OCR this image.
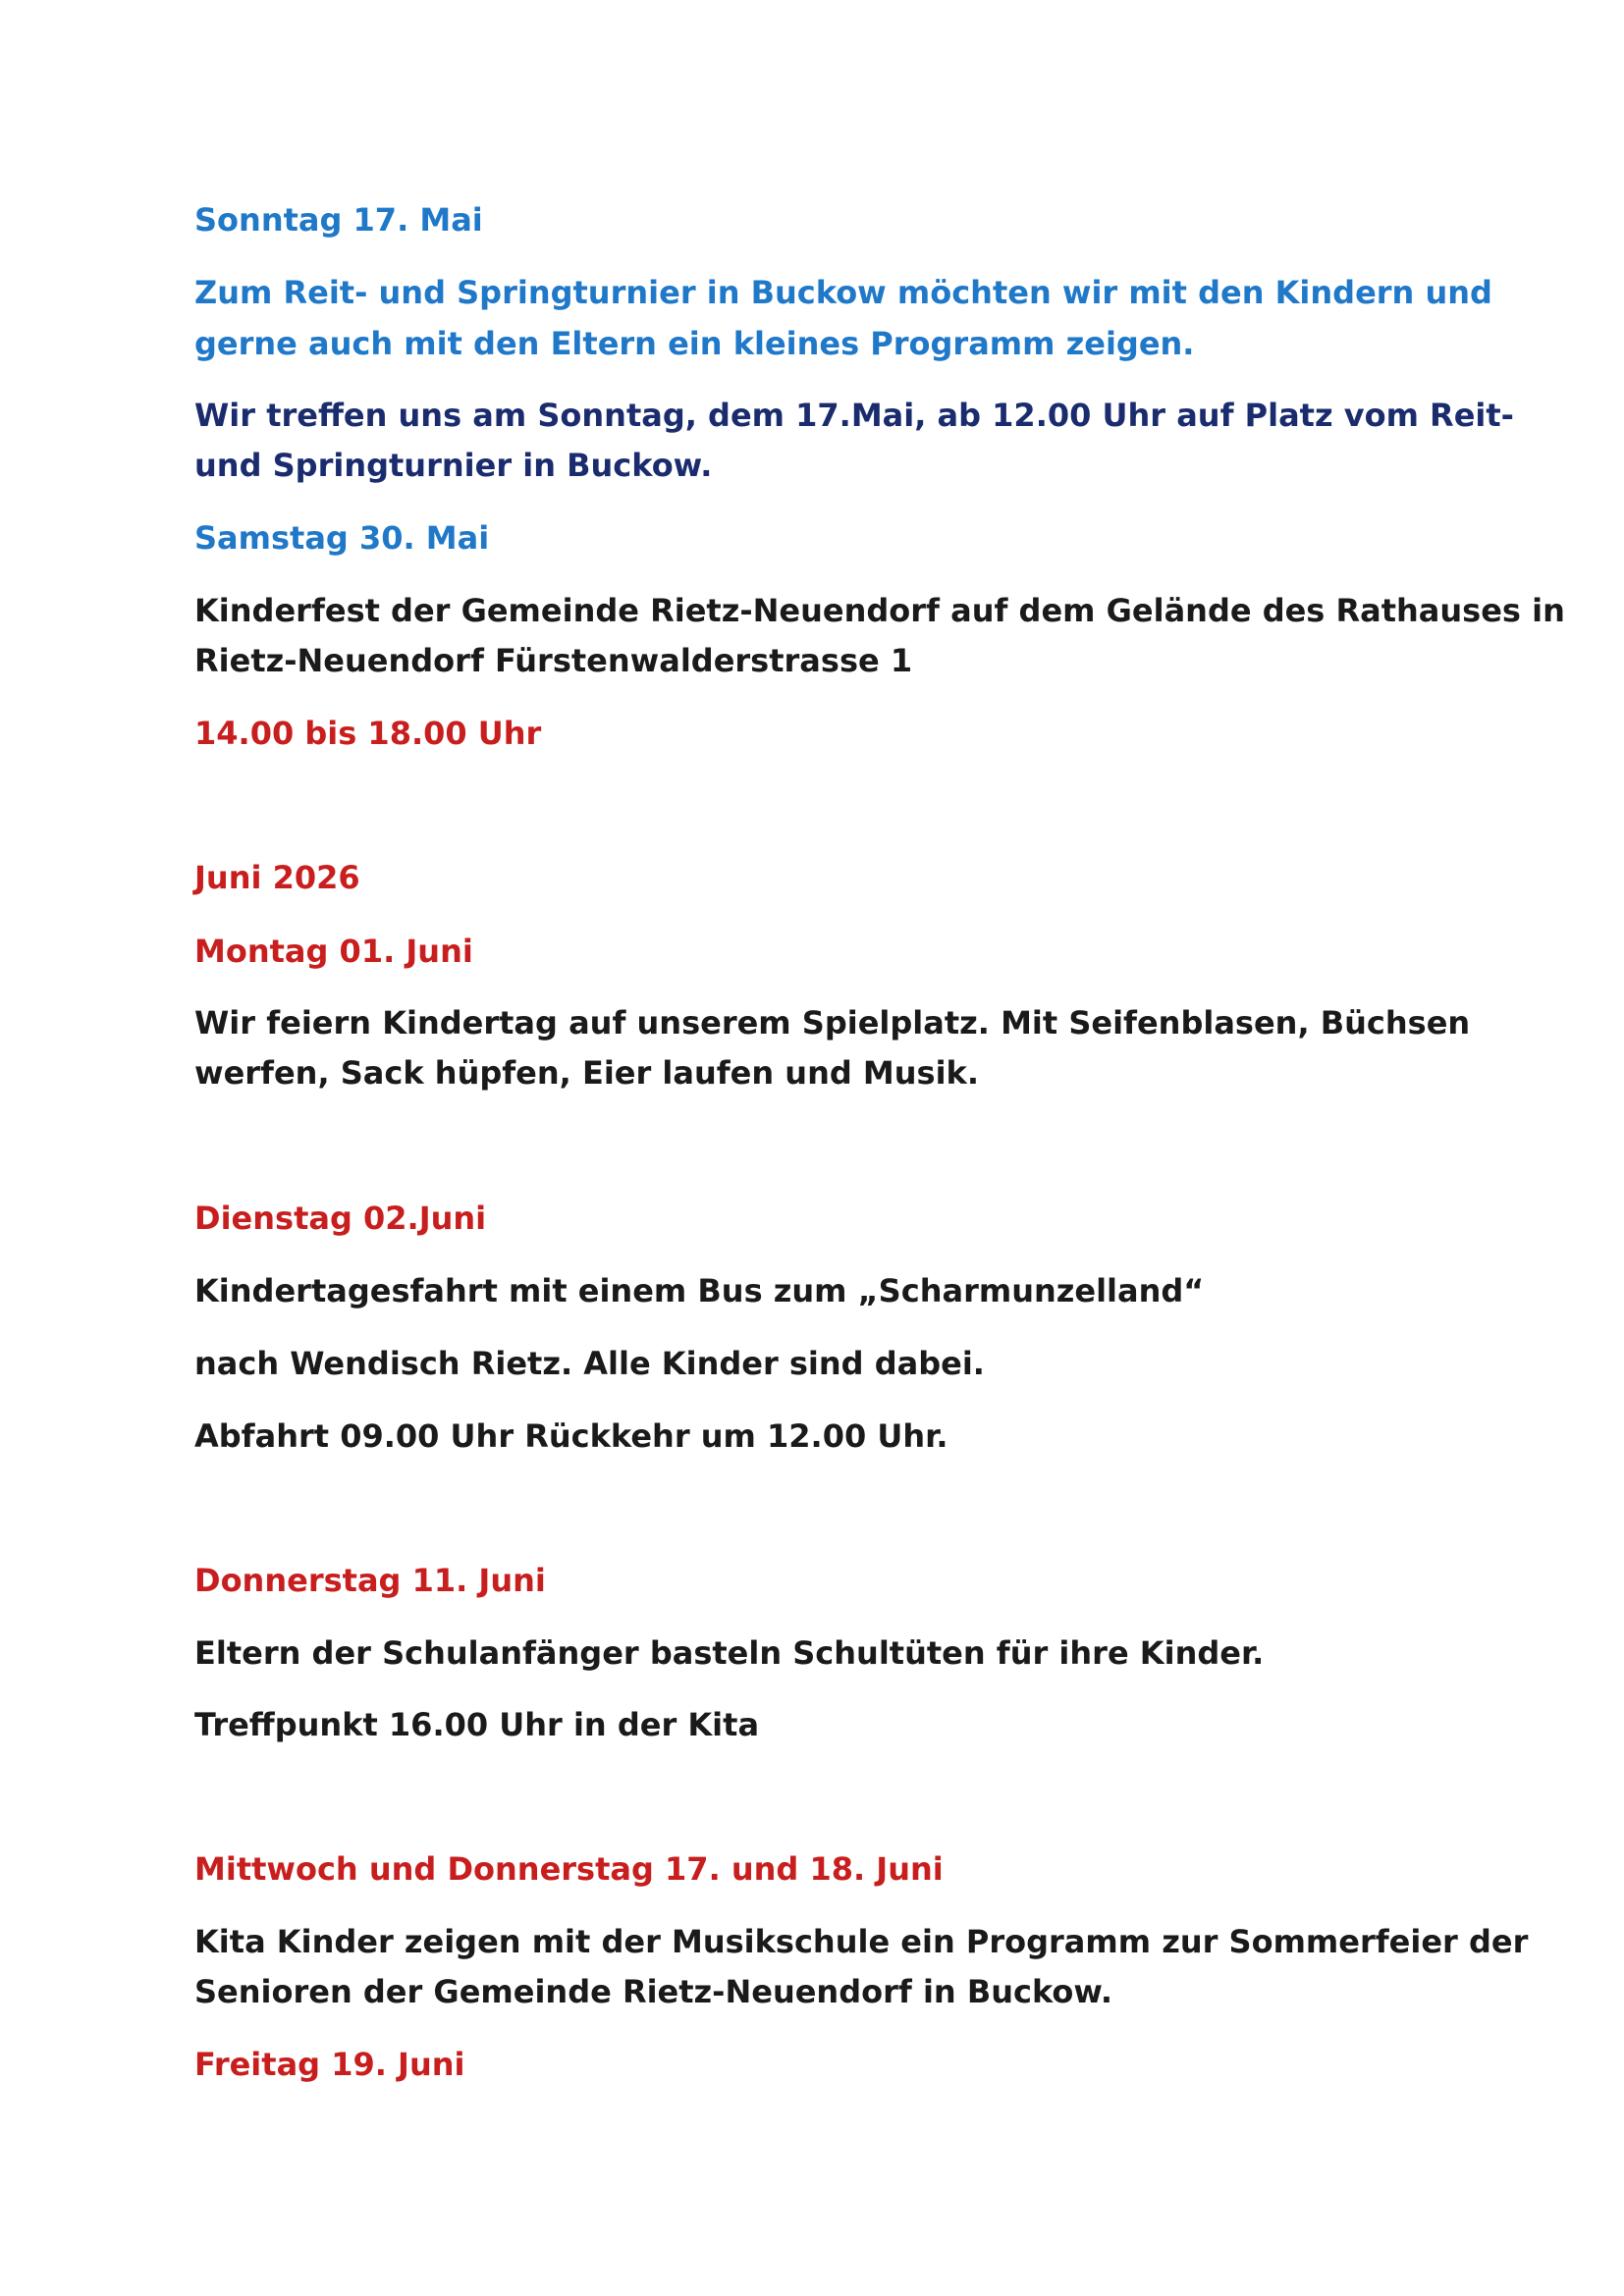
Sonntag 17. Mai

Zum Reit- und Springturnier in Buckow möchten wir mit den Kindern und

gerne auch mit den Eltern ein kleines Programm zeigen.

Wir treffen uns am Sonntag, dem 17.Mai, ab 12.00 Uhr auf Platz vom Reit-

und Springturnier in Buckow.

Samstag 30. Mai

Kinderfest der Gemeinde Rietz-Neuendorf auf dem Gelände des Rathauses in

Rietz-Neuendorf Fürstenwalderstrasse 1

14.00 bis 18.00 Uhr

Juni 2026

Montag 01. Juni

Wir feiern Kindertag auf unserem Spielplatz. Mit Seifenblasen, Büchsen

werfen, Sack hüpfen, Eier laufen und Musik.

Dienstag 02.Juni

Kindertagesfahrt mit einem Bus zum „Scharmunzelland“

nach Wendisch Rietz. Alle Kinder sind dabei.

Abfahrt 09.00 Uhr Rückkehr um 12.00 Uhr.

Donnerstag 11. Juni

Eltern der Schulanfänger basteln Schultüten für ihre Kinder.

Treffpunkt 16.00 Uhr in der Kita

Mittwoch und Donnerstag 17. und 18. Juni

Kita Kinder zeigen mit der Musikschule ein Programm zur Sommerfeier der

Senioren der Gemeinde Rietz-Neuendorf in Buckow.

Freitag 19. Juni
